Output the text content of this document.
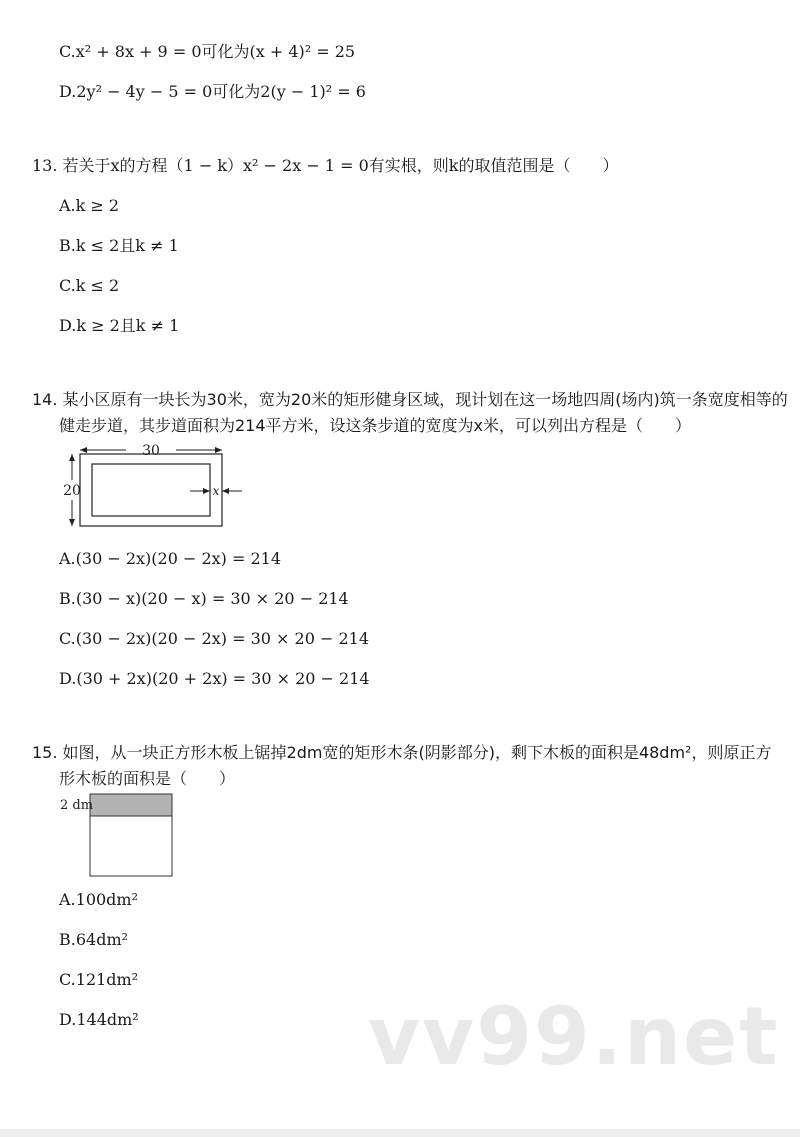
C.x² + 8x + 9 = 0可化为(x + 4)² = 25
D.2y² − 4y − 5 = 0可化为2(y − 1)² = 6
13. 若关于x的方程（1 − k）x² − 2x − 1 = 0有实根，则k的取值范围是（　　）
A.k ≥ 2
B.k ≤ 2且k ≠ 1
C.k ≤ 2
D.k ≥ 2且k ≠ 1
14. 某小区原有一块长为30米，宽为20米的矩形健身区域，现计划在这一场地四周(场内)筑一条宽度相等的
健走步道，其步道面积为214平方米，设这条步道的宽度为x米，可以列出方程是（　　）
30
20	x
A.(30 − 2x)(20 − 2x) = 214
B.(30 − x)(20 − x) = 30 × 20 − 214
C.(30 − 2x)(20 − 2x) = 30 × 20 − 214
D.(30 + 2x)(20 + 2x) = 30 × 20 − 214
15. 如图，从一块正方形木板上锯掉2dm宽的矩形木条(阴影部分)，剩下木板的面积是48dm²，则原正方
形木板的面积是（　　）
2 dm
A.100dm²
B.64dm²
C.121dm²
D.144dm²	vv99.net
